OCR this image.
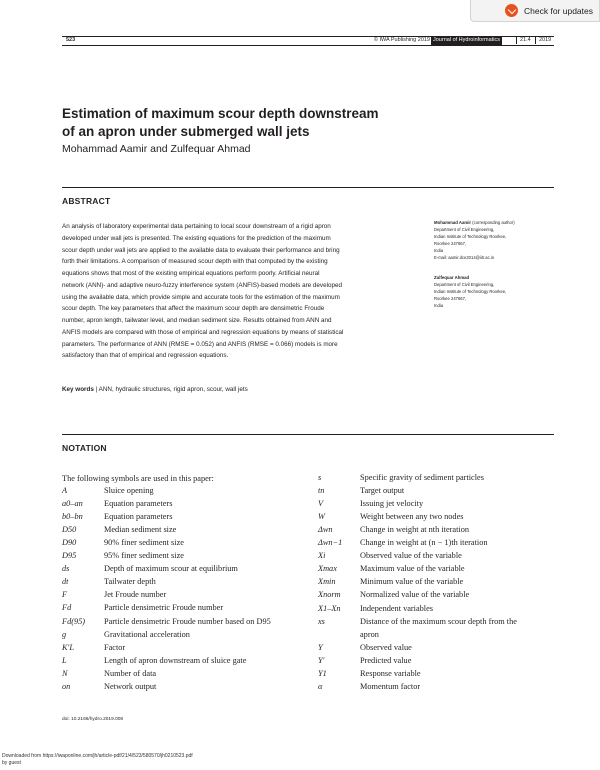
Check for updates
523	© IWA Publishing 2019 Journal of Hydroinformatics	21.4 2019
Estimation of maximum scour depth downstream
of an apron under submerged wall jets
Mohammad Aamir and Zulfequar Ahmad
ABSTRACT
An analysis of laboratory experimental data pertaining to local scour downstream of a rigid apron
developed under wall jets is presented. The existing equations for the prediction of the maximum
scour depth under wall jets are applied to the available data to evaluate their performance and bring
forth their limitations. A comparison of measured scour depth with that computed by the existing
equations shows that most of the existing empirical equations perform poorly. Artificial neural
network (ANN)- and adaptive neuro-fuzzy interference system (ANFIS)-based models are developed
using the available data, which provide simple and accurate tools for the estimation of the maximum
scour depth. The key parameters that affect the maximum scour depth are densimetric Froude
number, apron length, tailwater level, and median sediment size. Results obtained from ANN and
ANFIS models are compared with those of empirical and regression equations by means of statistical
parameters. The performance of ANN (RMSE = 0.052) and ANFIS (RMSE = 0.066) models is more
satisfactory than that of empirical and regression equations.
Key words | ANN, hydraulic structures, rigid apron, scour, wall jets
Mohammad Aamir (corresponding author)
Department of Civil Engineering,
Indian Institute of Technology Roorkee,
Roorkee 247667,
India
E-mail: aamir.dce2014@iitr.ac.in
Zulfequar Ahmad
Department of Civil Engineering,
Indian Institute of Technology Roorkee,
Roorkee 247667,
India
NOTATION
The following symbols are used in this paper:
A	Sluice opening
a0–an	Equation parameters
b0–bn	Equation parameters
D50	Median sediment size
D90	90% finer sediment size
D95	95% finer sediment size
ds	Depth of maximum scour at equilibrium
dt	Tailwater depth
F	Jet Froude number
Fd	Particle densimetric Froude number
Fd(95) Particle densimetric Froude number based on D95
g	Gravitational acceleration
K′L	Factor
L	Length of apron downstream of sluice gate
N	Number of data
on	Network output
s	Specific gravity of sediment particles
tn	Target output
V	Issuing jet velocity
W	Weight between any two nodes
Δwn	Change in weight at nth iteration
Δwn−1 Change in weight at (n − 1)th iteration
Xi	Observed value of the variable
Xmax	Maximum value of the variable
Xmin	Minimum value of the variable
Xnorm Normalized value of the variable
X1–Xn Independent variables
xs	Distance of the maximum scour depth from the
apron
Y	Observed value
Y′	Predicted value
Y1	Response variable
α	Momentum factor
doi: 10.2166/hydro.2019.008
Downloaded from https://iwaponline.com/jh/article-pdf/21/4/523/580570/jh0210523.pdf
by guest
